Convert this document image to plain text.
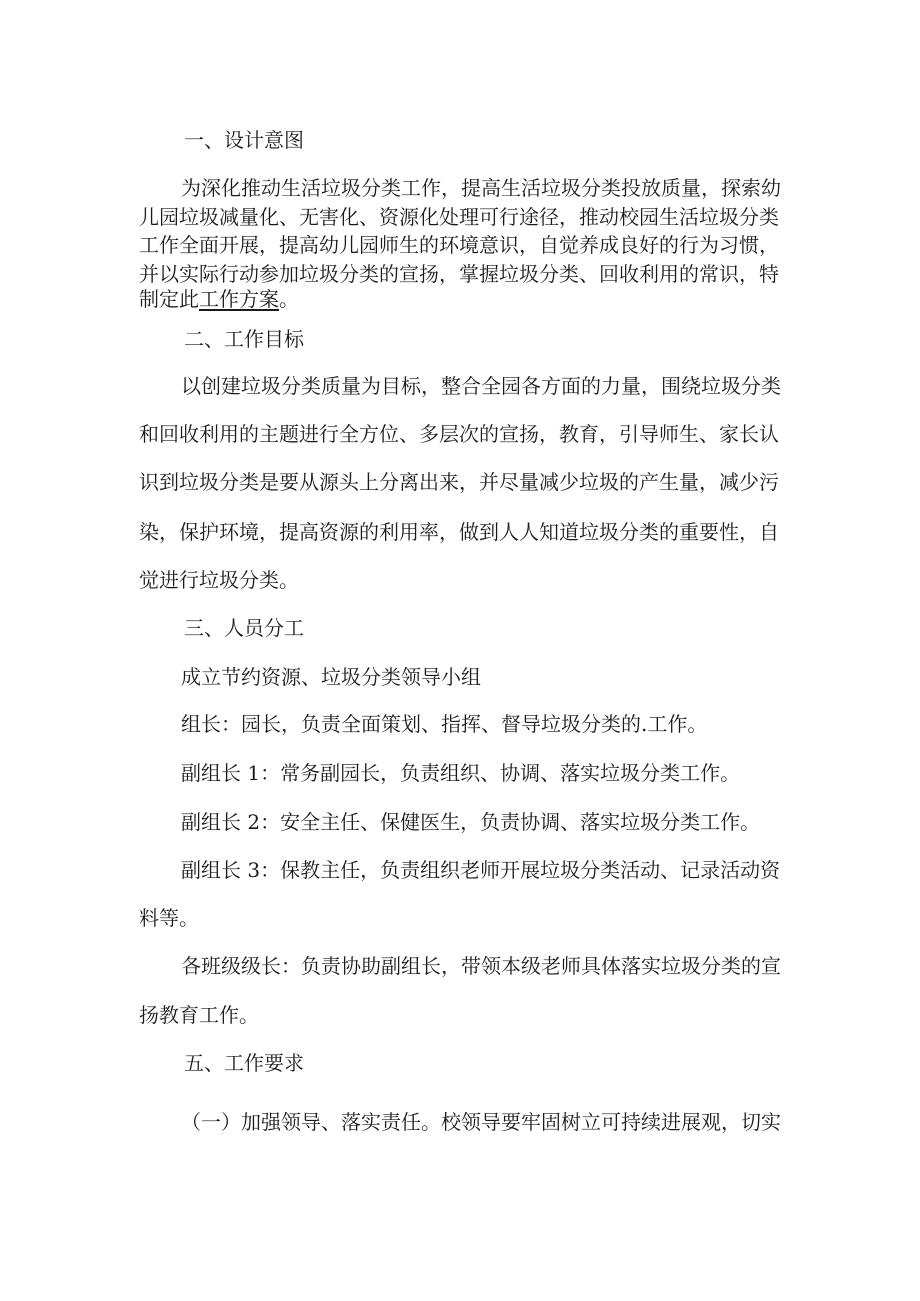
一、设计意图

为深化推动生活垃圾分类工作，提高生活垃圾分类投放质量，探索幼

儿园垃圾减量化、无害化、资源化处理可行途径，推动校园生活垃圾分类

工作全面开展，提高幼儿园师生的环境意识，自觉养成良好的行为习惯，

并以实际行动参加垃圾分类的宣扬，掌握垃圾分类、回收利用的常识，特

制定此工作方案。

二、工作目标

以创建垃圾分类质量为目标，整合全园各方面的力量，围绕垃圾分类

和回收利用的主题进行全方位、多层次的宣扬，教育，引导师生、家长认

识到垃圾分类是要从源头上分离出来，并尽量减少垃圾的产生量，减少污

染，保护环境，提高资源的利用率，做到人人知道垃圾分类的重要性，自

觉进行垃圾分类。

三、人员分工

成立节约资源、垃圾分类领导小组

组长：园长，负责全面策划、指挥、督导垃圾分类的.工作。

副组长 1：常务副园长，负责组织、协调、落实垃圾分类工作。

副组长 2：安全主任、保健医生，负责协调、落实垃圾分类工作。

副组长 3：保教主任，负责组织老师开展垃圾分类活动、记录活动资

料等。

各班级级长：负责协助副组长，带领本级老师具体落实垃圾分类的宣

扬教育工作。

五、工作要求

（一）加强领导、落实责任。校领导要牢固树立可持续进展观，切实
